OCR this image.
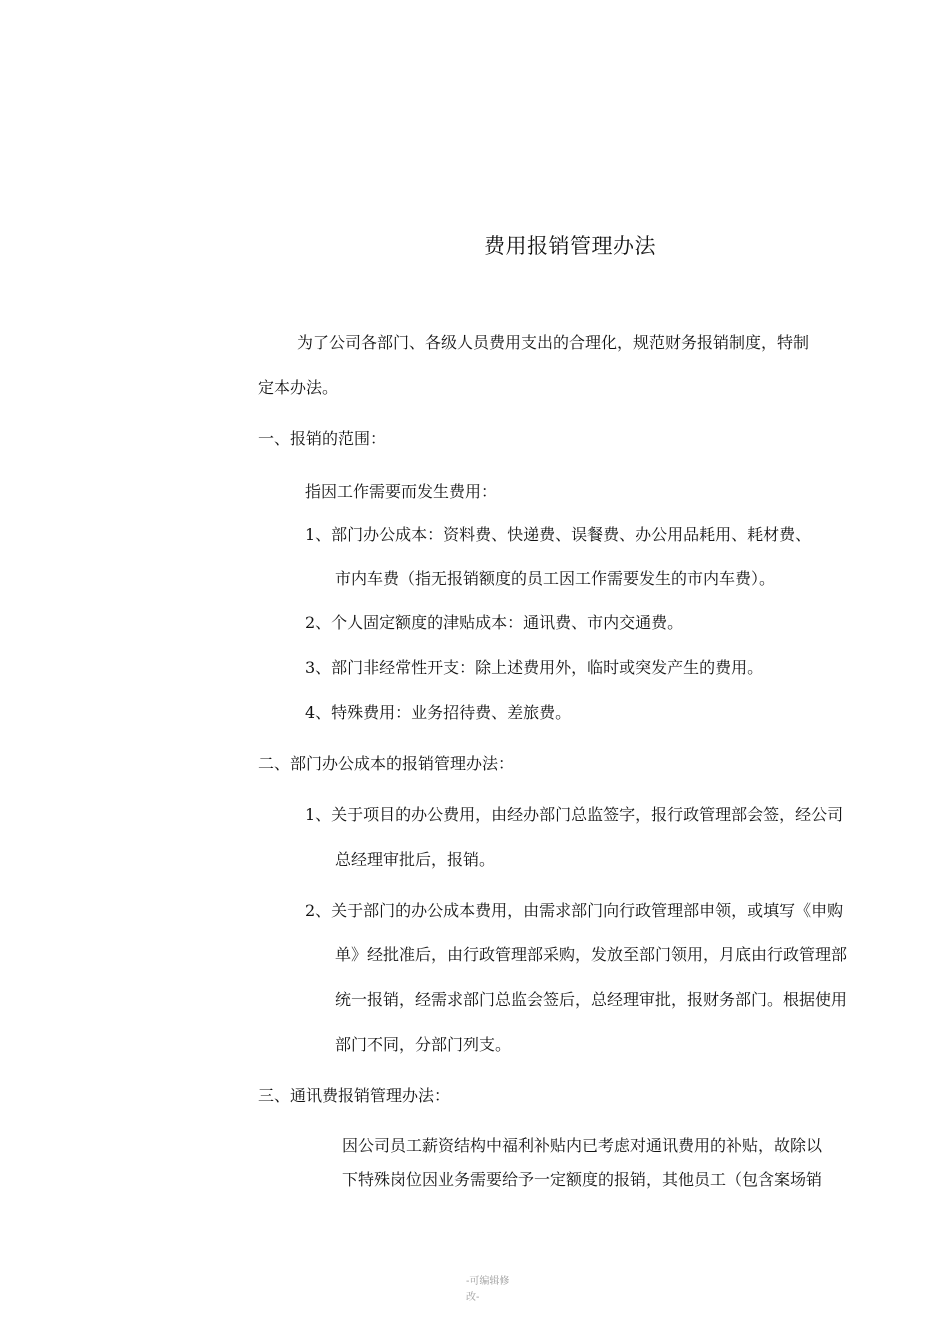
费用报销管理办法
为了公司各部门、各级人员费用支出的合理化，规范财务报销制度，特制
定本办法。
一、报销的范围：
指因工作需要而发生费用：
1、部门办公成本：资料费、快递费、误餐费、办公用品耗用、耗材费、
市内车费（指无报销额度的员工因工作需要发生的市内车费）。
2、个人固定额度的津贴成本：通讯费、市内交通费。
3、部门非经常性开支：除上述费用外，临时或突发产生的费用。
4、特殊费用：业务招待费、差旅费。
二、部门办公成本的报销管理办法：
1、关于项目的办公费用，由经办部门总监签字，报行政管理部会签，经公司
总经理审批后，报销。
2、关于部门的办公成本费用，由需求部门向行政管理部申领，或填写《申购
单》经批准后，由行政管理部采购，发放至部门领用，月底由行政管理部
统一报销，经需求部门总监会签后，总经理审批，报财务部门。根据使用
部门不同，分部门列支。
三、通讯费报销管理办法：
因公司员工薪资结构中福利补贴内已考虑对通讯费用的补贴，故除以
下特殊岗位因业务需要给予一定额度的报销，其他员工（包含案场销
-可编辑修
改-
